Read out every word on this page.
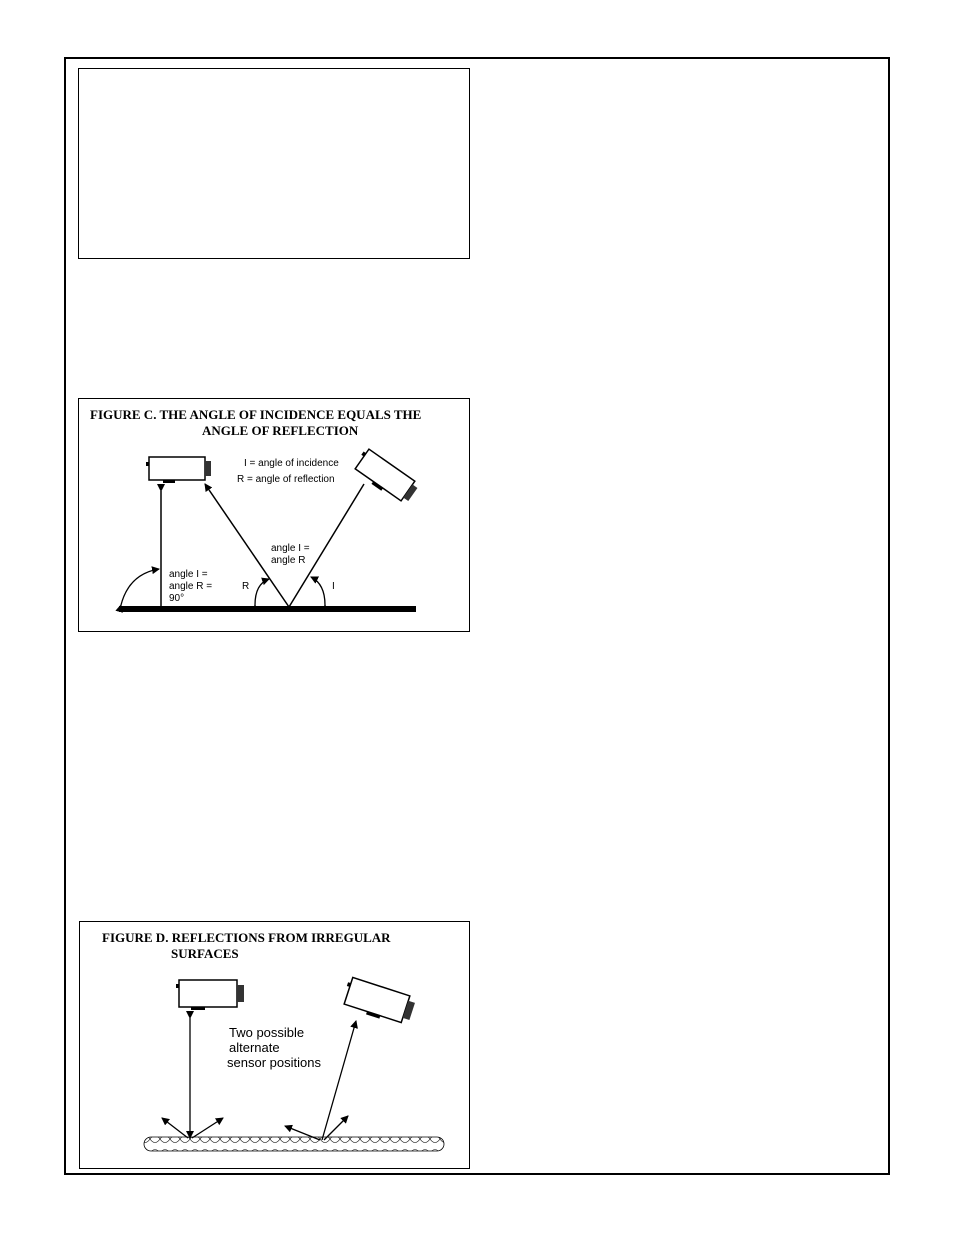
FIGURE C. THE ANGLE OF INCIDENCE EQUALS THE

ANGLE OF REFLECTION

I = angle of incidence
R = angle of reflection
angle I =
angle R
angle I =
angle R =
90°
R	I

FIGURE D. REFLECTIONS FROM IRREGULAR

SURFACES

Two possible
alternate
sensor positions
